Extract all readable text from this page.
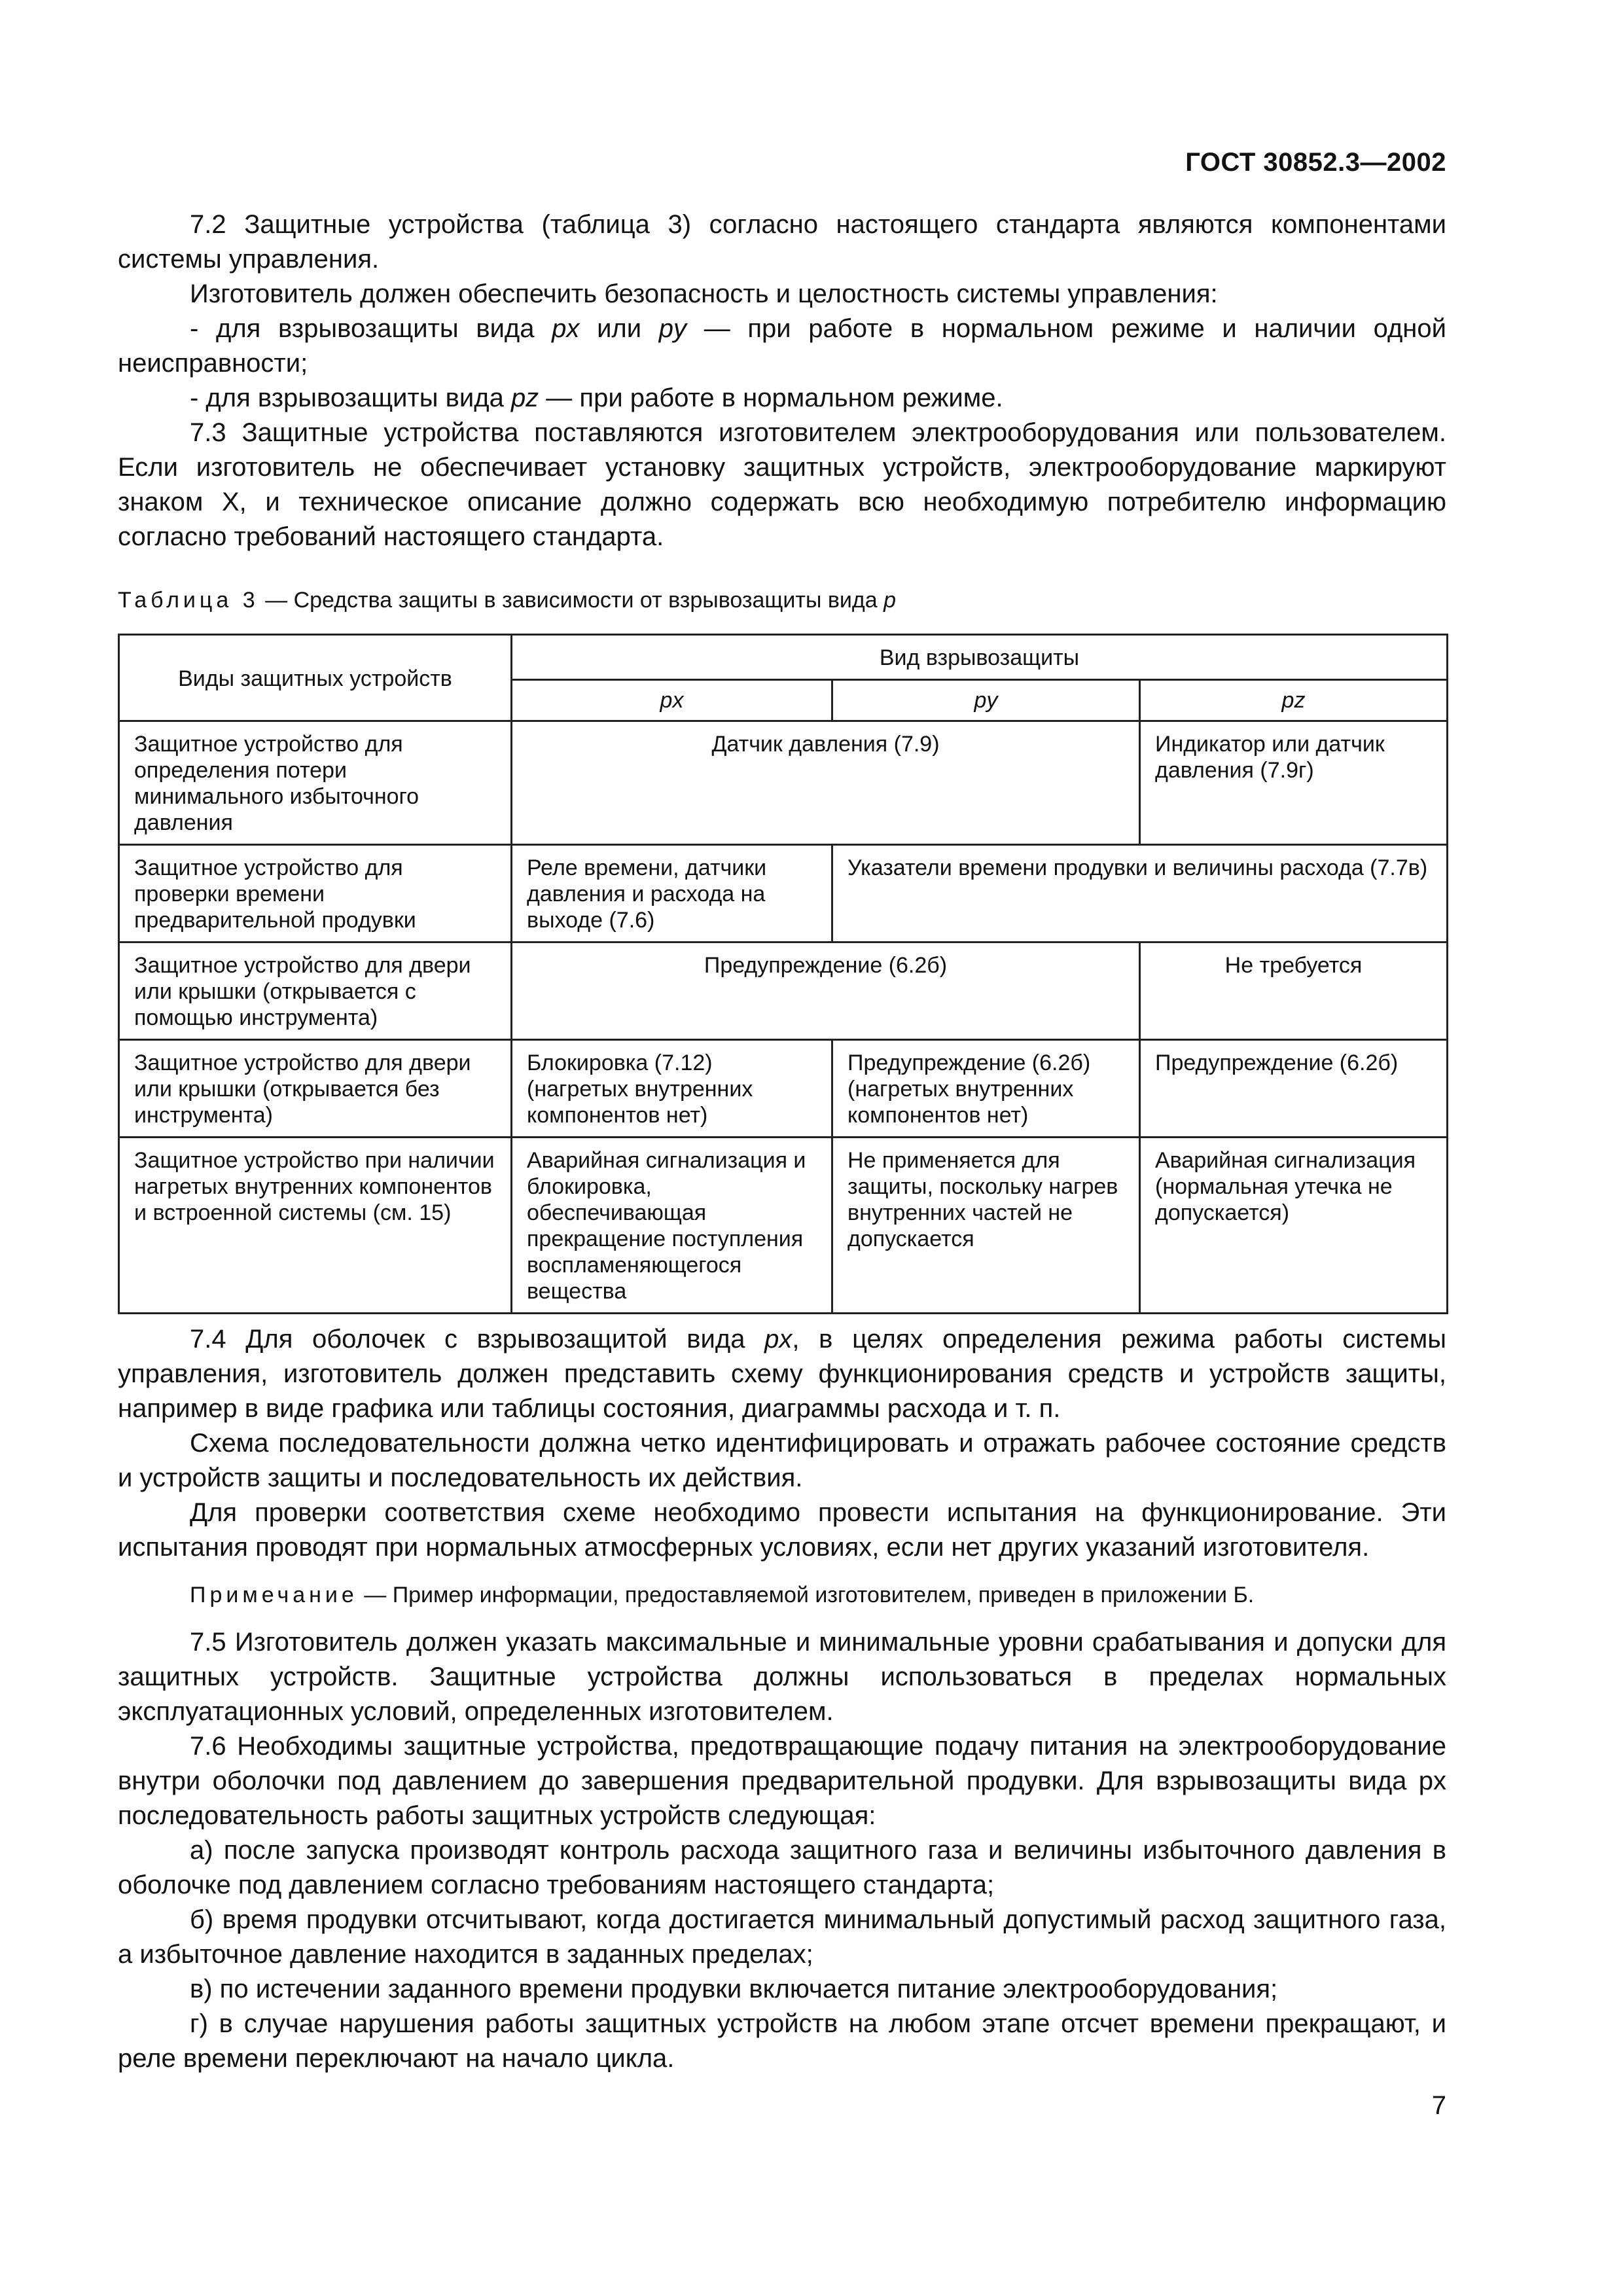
ГОСТ 30852.3—2002

7.2 Защитные устройства (таблица 3) согласно настоящего стандарта являются компонентами системы управления.

Изготовитель должен обеспечить безопасность и целостность системы управления:

- для взрывозащиты вида px или py — при работе в нормальном режиме и наличии одной неисправности;

- для взрывозащиты вида pz — при работе в нормальном режиме.

7.3 Защитные устройства поставляются изготовителем электрооборудования или пользователем. Если изготовитель не обеспечивает установку защитных устройств, электрооборудование маркируют знаком Х, и техническое описание должно содержать всю необходимую потребителю информацию согласно требований настоящего стандарта.

Таблица 3 — Средства защиты в зависимости от взрывозащиты вида p
Виды защитных устройств	Вид взрывозащиты		
	px	py	pz
Защитное устройство для определения потери минимального избыточного давления	Датчик давления (7.9)		Индикатор или датчик давления (7.9г)
Защитное устройство для проверки времени предварительной продувки	Реле времени, датчики давления и расхода на выходе (7.6)	Указатели времени продувки и величины расхода (7.7в)	
Защитное устройство для двери или крышки (открывается с помощью инструмента)	Предупреждение (6.2б)		Не требуется
Защитное устройство для двери или крышки (открывается без инструмента)	Блокировка (7.12) (нагретых внутренних компонентов нет)	Предупреждение (6.2б) (нагретых внутренних компонентов нет)	Предупреждение (6.2б)
Защитное устройство при наличии нагретых внутренних компонентов и встроенной системы (см. 15)	Аварийная сигнализация и блокировка, обеспечивающая прекращение поступления воспламеняющегося вещества	Не применяется для защиты, поскольку нагрев внутренних частей не допускается	Аварийная сигнализация (нормальная утечка не допускается)

7.4 Для оболочек с взрывозащитой вида px, в целях определения режима работы системы управления, изготовитель должен представить схему функционирования средств и устройств защиты, например в виде графика или таблицы состояния, диаграммы расхода и т. п.

Схема последовательности должна четко идентифицировать и отражать рабочее состояние средств и устройств защиты и последовательность их действия.

Для проверки соответствия схеме необходимо провести испытания на функционирование. Эти испытания проводят при нормальных атмосферных условиях, если нет других указаний изготовителя.

Примечание — Пример информации, предоставляемой изготовителем, приведен в приложении Б.

7.5 Изготовитель должен указать максимальные и минимальные уровни срабатывания и допуски для защитных устройств. Защитные устройства должны использоваться в пределах нормальных эксплуатационных условий, определенных изготовителем.

7.6 Необходимы защитные устройства, предотвращающие подачу питания на электрооборудование внутри оболочки под давлением до завершения предварительной продувки. Для взрывозащиты вида px последовательность работы защитных устройств следующая:

а) после запуска производят контроль расхода защитного газа и величины избыточного давления в оболочке под давлением согласно требованиям настоящего стандарта;

б) время продувки отсчитывают, когда достигается минимальный допустимый расход защитного газа, а избыточное давление находится в заданных пределах;

в) по истечении заданного времени продувки включается питание электрооборудования;

г) в случае нарушения работы защитных устройств на любом этапе отсчет времени прекращают, и реле времени переключают на начало цикла.

7
